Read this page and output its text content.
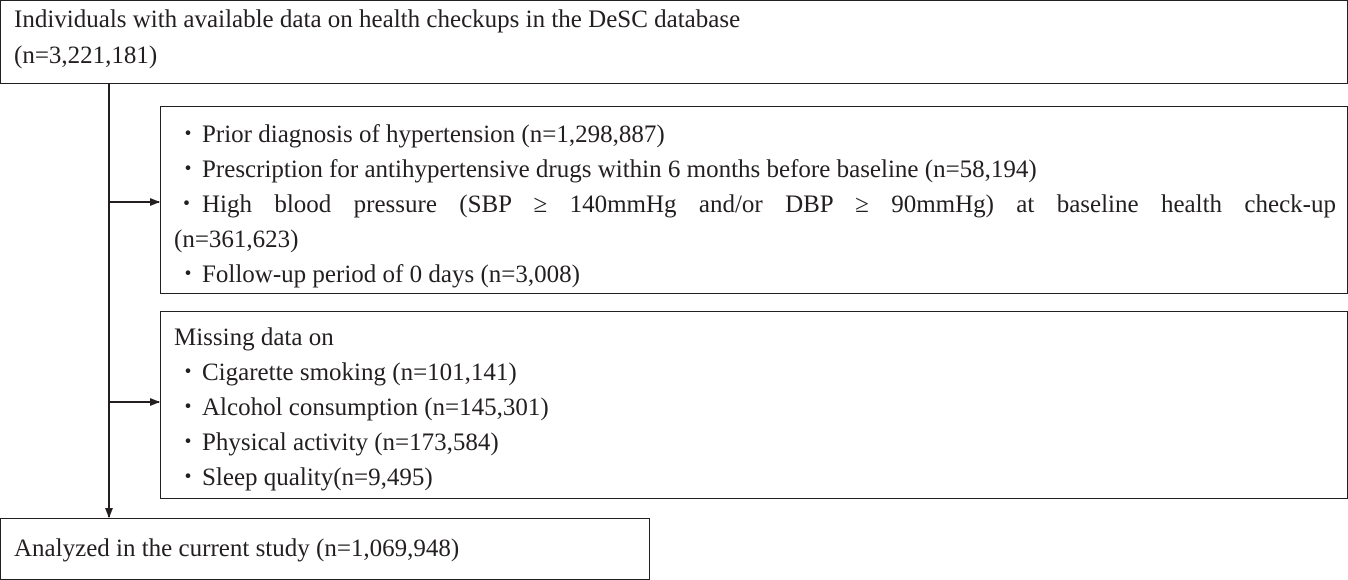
Individuals with available data on health checkups in the DeSC database
(n=3,221,181)
・Prior diagnosis of hypertension (n=1,298,887)
・Prescription for antihypertensive drugs within 6 months before baseline (n=58,194)
・ High blood pressure (SBP ≥ 140mmHg and/or DBP ≥ 90mmHg) at baseline health check-up
(n=361,623)
・Follow-up period of 0 days (n=3,008)
Missing data on
・Cigarette smoking (n=101,141)
・Alcohol consumption (n=145,301)
・Physical activity (n=173,584)
・Sleep quality(n=9,495)
Analyzed in the current study (n=1,069,948)
